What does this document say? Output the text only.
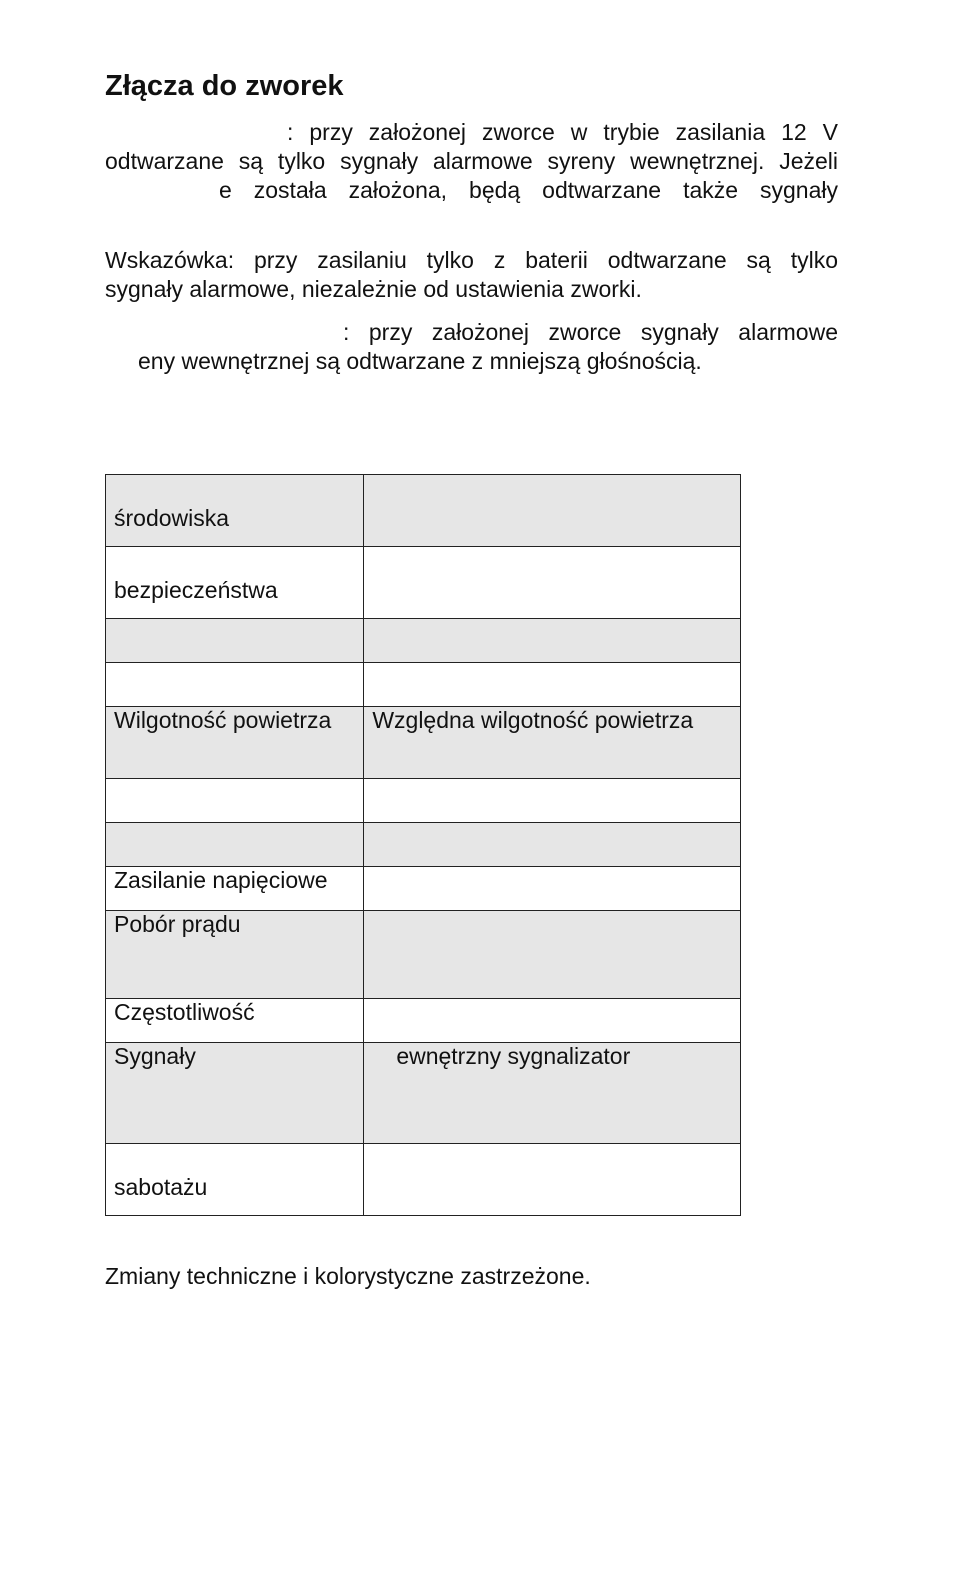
Złącza do zworek

: przy założonej zworce w trybie zasilania 12 V
odtwarzane są tylko sygnały alarmowe syreny wewnętrznej. Jeżeli
e została założona, będą odtwarzane także sygnały

Wskazówka: przy zasilaniu tylko z baterii odtwarzane są tylko
sygnały alarmowe, niezależnie od ustawienia zworki.

: przy założonej zworce sygnały alarmowe
eny wewnętrznej są odtwarzane z mniejszą głośnością.

środowiska	
bezpieczeństwa	

Wilgotność powietrza	Względna wilgotność powietrza

Zasilanie napięciowe	
Pobór prądu	
Częstotliwość	
Sygnały	ewnętrzny sygnalizator
sabotażu	

Zmiany techniczne i kolorystyczne zastrzeżone.
